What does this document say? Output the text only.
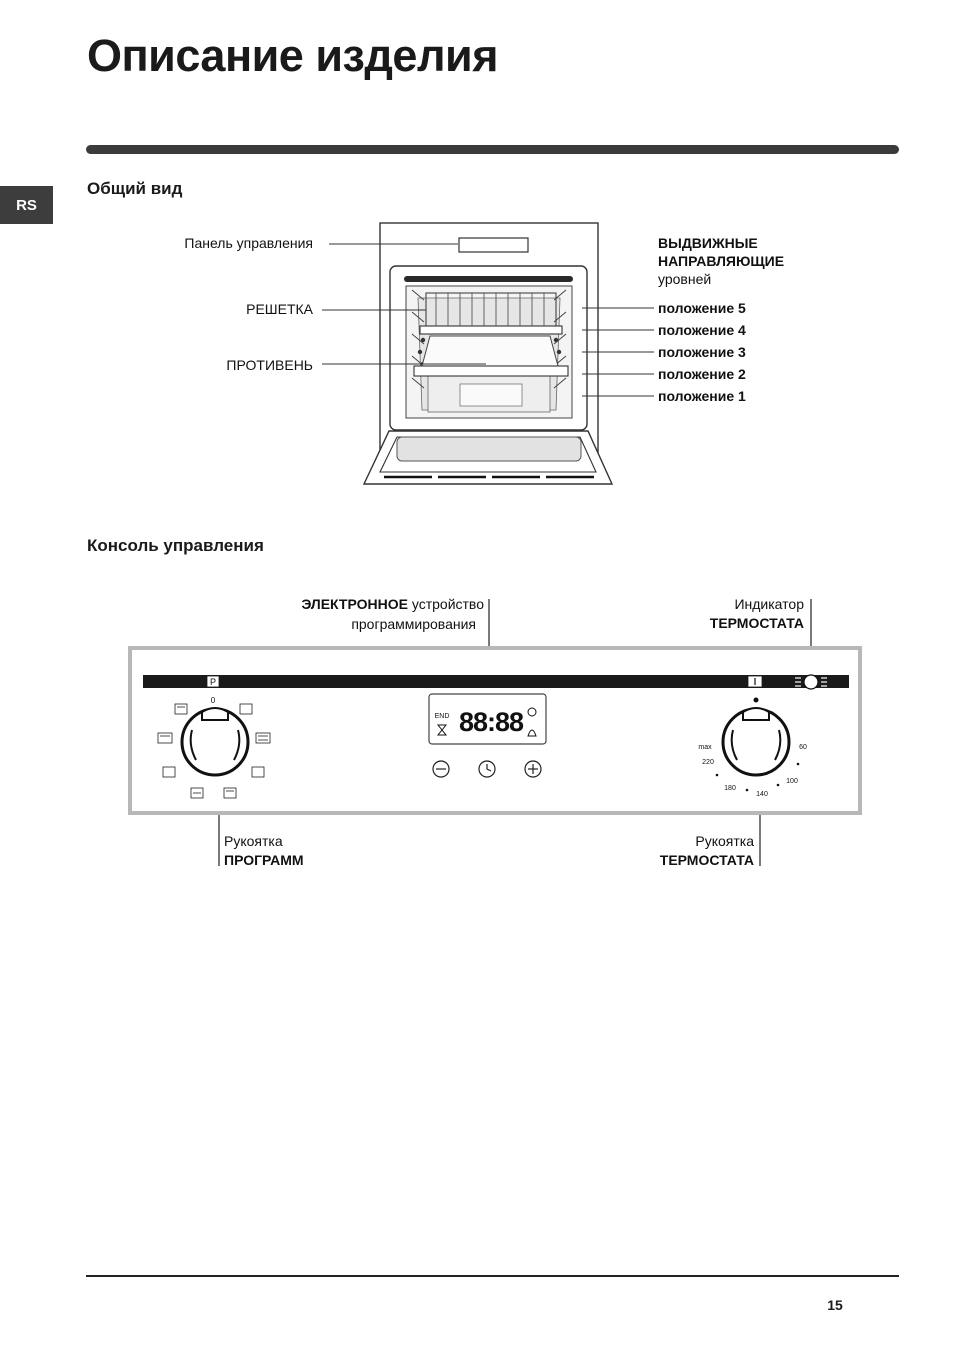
Описание изделия
RS
Общий вид
Панель управления
РЕШЕТКА
ПРОТИВЕНЬ
ВЫДВИЖНЫЕ
НАПРАВЛЯЮЩИЕ
уровней
положение 5
положение 4
положение 3
положение 2
положение 1
Консоль управления
ЭЛЕКТРОННОЕ устройство
программирования
Индикатор
ТЕРМОСТАТА
P
0
END 88:88
max
220
180
140
100
60
Рукоятка
ПРОГРАММ
Рукоятка
ТЕРМОСТАТА
15
